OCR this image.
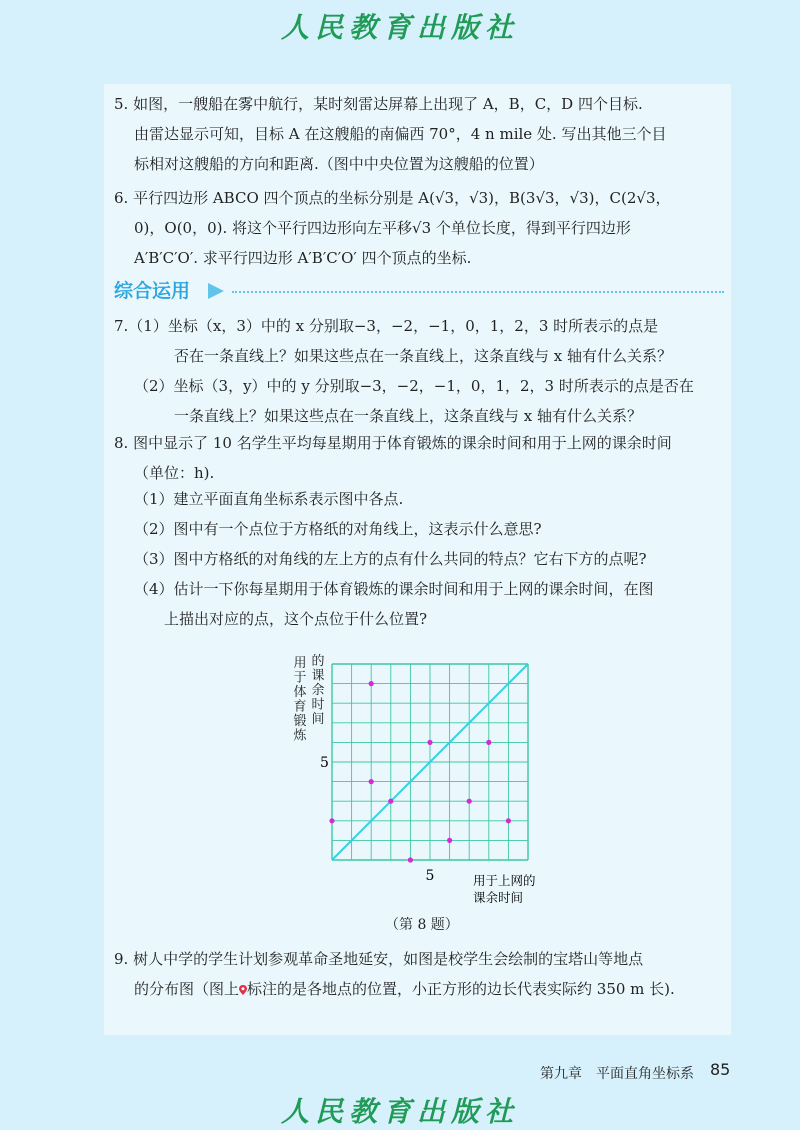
人民教育出版社
5. 如图，一艘船在雾中航行，某时刻雷达屏幕上出现了 A，B，C，D 四个目标.
由雷达显示可知，目标 A 在这艘船的南偏西 70°，4 n mile 处. 写出其他三个目
标相对这艘船的方向和距离.（图中中央位置为这艘船的位置）
6. 平行四边形 ABCO 四个顶点的坐标分别是 A(√3，√3)，B(3√3，√3)，C(2√3，
0)，O(0，0). 将这个平行四边形向左平移√3 个单位长度，得到平行四边形
A′B′C′O′. 求平行四边形 A′B′C′O′ 四个顶点的坐标.
综合运用
7.（1）坐标（x，3）中的 x 分别取−3，−2，−1，0，1，2，3 时所表示的点是
否在一条直线上？如果这些点在一条直线上，这条直线与 x 轴有什么关系？
（2）坐标（3，y）中的 y 分别取−3，−2，−1，0，1，2，3 时所表示的点是否在
一条直线上？如果这些点在一条直线上，这条直线与 x 轴有什么关系？
8. 图中显示了 10 名学生平均每星期用于体育锻炼的课余时间和用于上网的课余时间
（单位：h).
（1）建立平面直角坐标系表示图中各点.
（2）图中有一个点位于方格纸的对角线上，这表示什么意思?
（3）图中方格纸的对角线的左上方的点有什么共同的特点？它右下方的点呢?
（4）估计一下你每星期用于体育锻炼的课余时间和用于上网的课余时间，在图
上描出对应的点，这个点位于什么位置?
用
于
体
育
锻
炼
的
课
余
时
间
5
5	用于上网的
课余时间
（第 8 题）
9. 树人中学的学生计划参观革命圣地延安，如图是校学生会绘制的宝塔山等地点
的分布图（图上 标注的是各地点的位置，小正方形的边长代表实际约 350 m 长).
第九章　平面直角坐标系 85
人民教育出版社
